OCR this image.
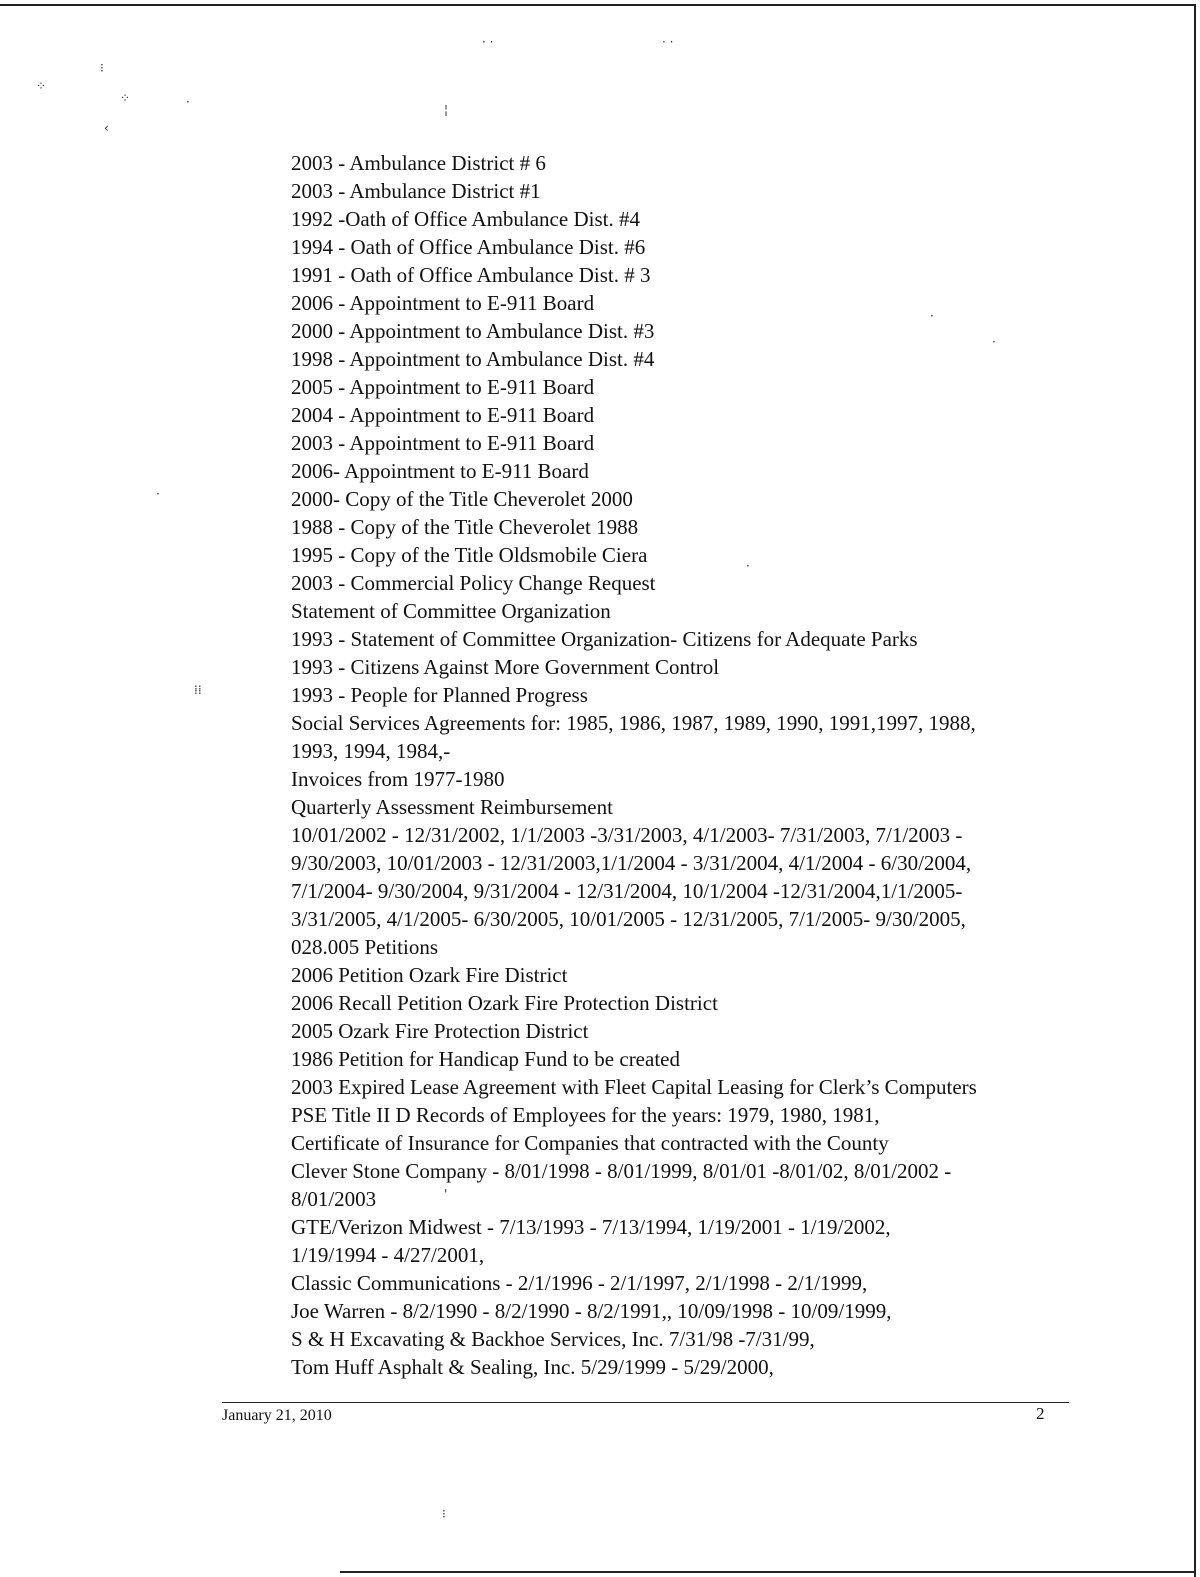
· ·	· ·
⁘
⁝
⁘	·
‹
¦
·
·
·
·
⁞⁞
'
⁝
2003 - Ambulance District # 6
2003 - Ambulance District #1
1992 -Oath of Office Ambulance Dist. #4
1994 - Oath of Office Ambulance Dist. #6
1991 - Oath of Office Ambulance Dist. # 3
2006 - Appointment to E-911 Board
2000 - Appointment to Ambulance Dist. #3
1998 - Appointment to Ambulance Dist. #4
2005 - Appointment to E-911 Board
2004 - Appointment to E-911 Board
2003 - Appointment to E-911 Board
2006- Appointment to E-911 Board
2000- Copy of the Title Cheverolet 2000
1988 - Copy of the Title Cheverolet 1988
1995 - Copy of the Title Oldsmobile Ciera
2003 - Commercial Policy Change Request
Statement of Committee Organization
1993 - Statement of Committee Organization- Citizens for Adequate Parks
1993 - Citizens Against More Government Control
1993 - People for Planned Progress
Social Services Agreements for: 1985, 1986, 1987, 1989, 1990, 1991,1997, 1988,
1993, 1994, 1984,-
Invoices from 1977-1980
Quarterly Assessment Reimbursement
10/01/2002 - 12/31/2002, 1/1/2003 -3/31/2003, 4/1/2003- 7/31/2003, 7/1/2003 -
9/30/2003, 10/01/2003 - 12/31/2003,1/1/2004 - 3/31/2004, 4/1/2004 - 6/30/2004,
7/1/2004- 9/30/2004, 9/31/2004 - 12/31/2004, 10/1/2004 -12/31/2004,1/1/2005-
3/31/2005, 4/1/2005- 6/30/2005, 10/01/2005 - 12/31/2005, 7/1/2005- 9/30/2005,
028.005 Petitions
2006 Petition Ozark Fire District
2006 Recall Petition Ozark Fire Protection District
2005 Ozark Fire Protection District
1986 Petition for Handicap Fund to be created
2003 Expired Lease Agreement with Fleet Capital Leasing for Clerk’s Computers
PSE Title II D Records of Employees for the years: 1979, 1980, 1981,
Certificate of Insurance for Companies that contracted with the County
Clever Stone Company - 8/01/1998 - 8/01/1999, 8/01/01 -8/01/02, 8/01/2002 -
8/01/2003
GTE/Verizon Midwest - 7/13/1993 - 7/13/1994, 1/19/2001 - 1/19/2002,
1/19/1994 - 4/27/2001,
Classic Communications - 2/1/1996 - 2/1/1997, 2/1/1998 - 2/1/1999,
Joe Warren - 8/2/1990 - 8/2/1990 - 8/2/1991,, 10/09/1998 - 10/09/1999,
S & H Excavating & Backhoe Services, Inc. 7/31/98 -7/31/99,
Tom Huff Asphalt & Sealing, Inc. 5/29/1999 - 5/29/2000,
January 21, 2010	2
